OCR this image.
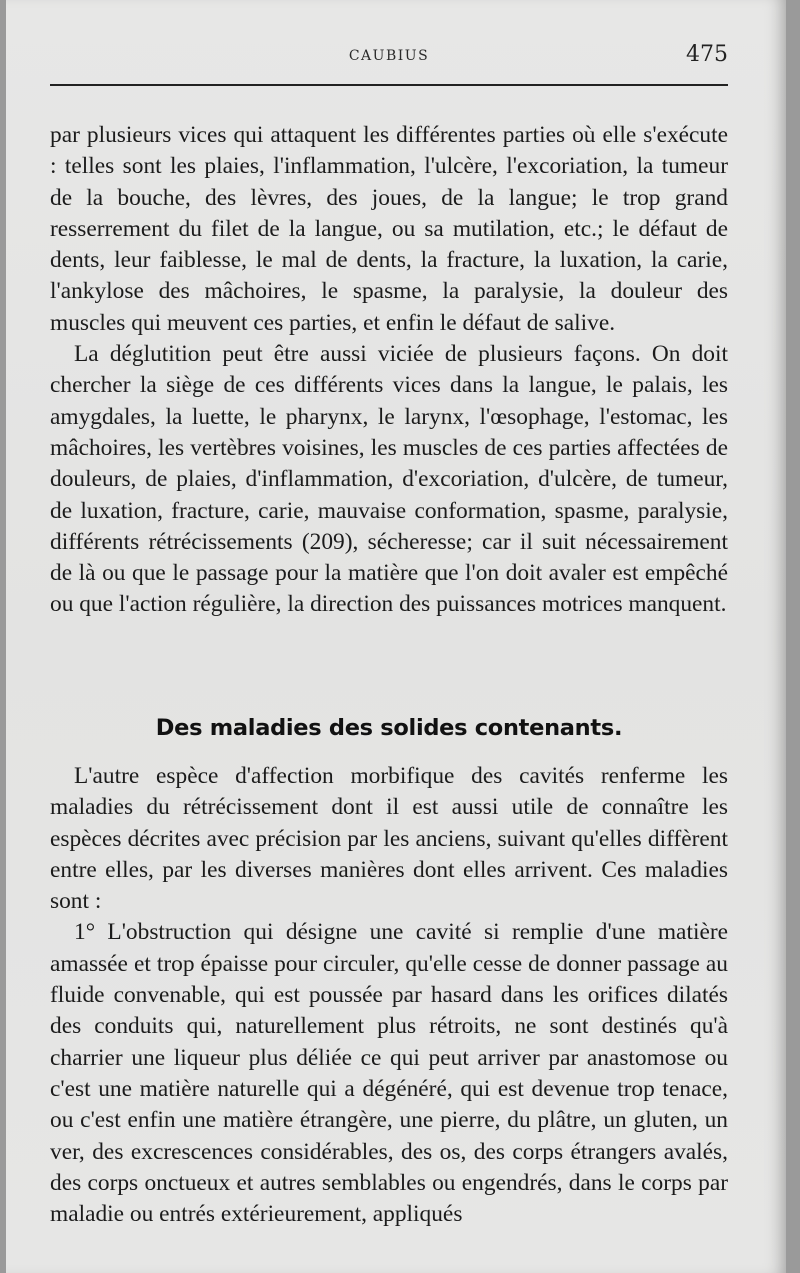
CAUBIUS	475

par plusieurs vices qui attaquent les différentes parties où elle s'exécute : telles sont les plaies, l'inflammation, l'ulcère, l'excoriation, la tumeur de la bouche, des lèvres, des joues, de la langue; le trop grand resserrement du filet de la langue, ou sa mutilation, etc.; le défaut de dents, leur faiblesse, le mal de dents, la fracture, la luxation, la carie, l'ankylose des mâchoires, le spasme, la paralysie, la douleur des muscles qui meuvent ces parties, et enfin le défaut de salive.

La déglutition peut être aussi viciée de plusieurs façons. On doit chercher la siège de ces différents vices dans la langue, le palais, les amygdales, la luette, le pharynx, le larynx, l'œsophage, l'estomac, les mâchoires, les vertèbres voisines, les muscles de ces parties affectées de douleurs, de plaies, d'inflammation, d'excoriation, d'ulcère, de tumeur, de luxation, fracture, carie, mauvaise conformation, spasme, paralysie, différents rétrécissements (209), sécheresse; car il suit nécessairement de là ou que le passage pour la matière que l'on doit avaler est empêché ou que l'action régulière, la direction des puissances motrices manquent.

Des maladies des solides contenants.

L'autre espèce d'affection morbifique des cavités renferme les maladies du rétrécissement dont il est aussi utile de connaître les espèces décrites avec précision par les anciens, suivant qu'elles diffèrent entre elles, par les diverses manières dont elles arrivent. Ces maladies sont :

1° L'obstruction qui désigne une cavité si remplie d'une matière amassée et trop épaisse pour circuler, qu'elle cesse de donner passage au fluide convenable, qui est poussée par hasard dans les orifices dilatés des conduits qui, naturellement plus rétroits, ne sont destinés qu'à charrier une liqueur plus déliée ce qui peut arriver par anastomose ou c'est une matière naturelle qui a dégénéré, qui est devenue trop tenace, ou c'est enfin une matière étrangère, une pierre, du plâtre, un gluten, un ver, des excrescences considérables, des os, des corps étrangers avalés, des corps onctueux et autres semblables ou engendrés, dans le corps par maladie ou entrés extérieurement, appliqués
